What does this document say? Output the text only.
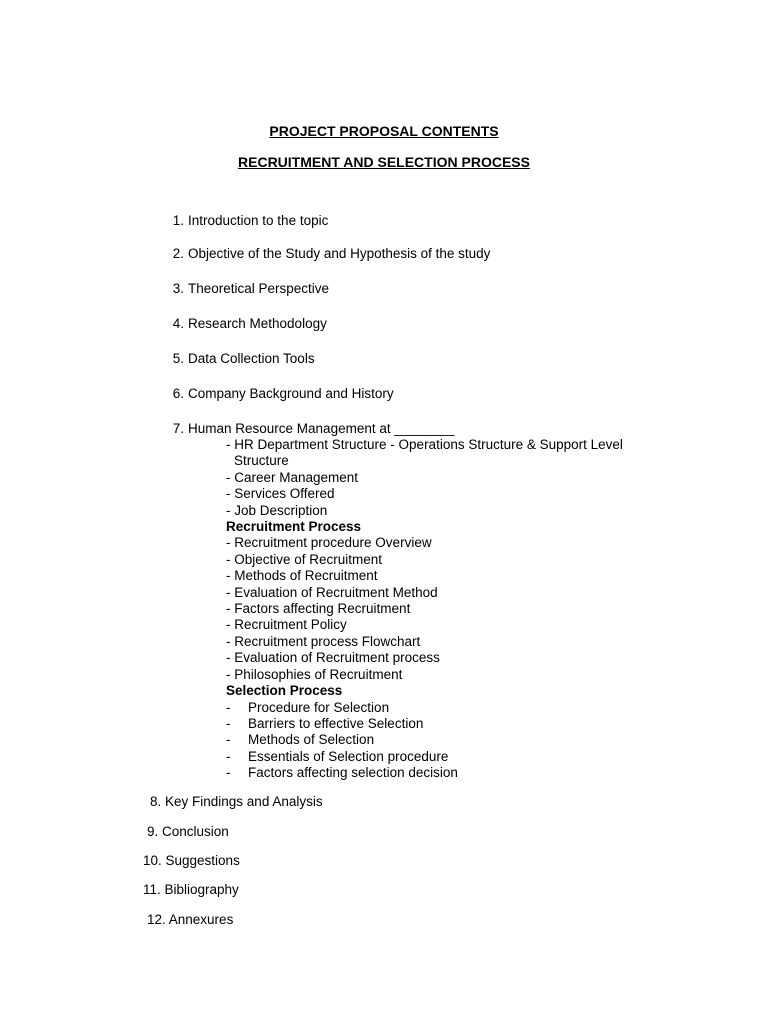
PROJECT PROPOSAL CONTENTS
RECRUITMENT AND SELECTION PROCESS
1. Introduction to the topic
2. Objective of the Study and Hypothesis of the study
3. Theoretical Perspective
4. Research Methodology
5. Data Collection Tools
6. Company Background and History
7. Human Resource Management at ________
- HR Department Structure - Operations Structure & Support Level
Structure
- Career Management
- Services Offered
- Job Description
Recruitment Process
- Recruitment procedure Overview
- Objective of Recruitment
- Methods of Recruitment
- Evaluation of Recruitment Method
- Factors affecting Recruitment
- Recruitment Policy
- Recruitment process Flowchart
- Evaluation of Recruitment process
- Philosophies of Recruitment
Selection Process
- Procedure for Selection
- Barriers to effective Selection
- Methods of Selection
- Essentials of Selection procedure
- Factors affecting selection decision
8. Key Findings and Analysis
9. Conclusion
10. Suggestions
11. Bibliography
12. Annexures
